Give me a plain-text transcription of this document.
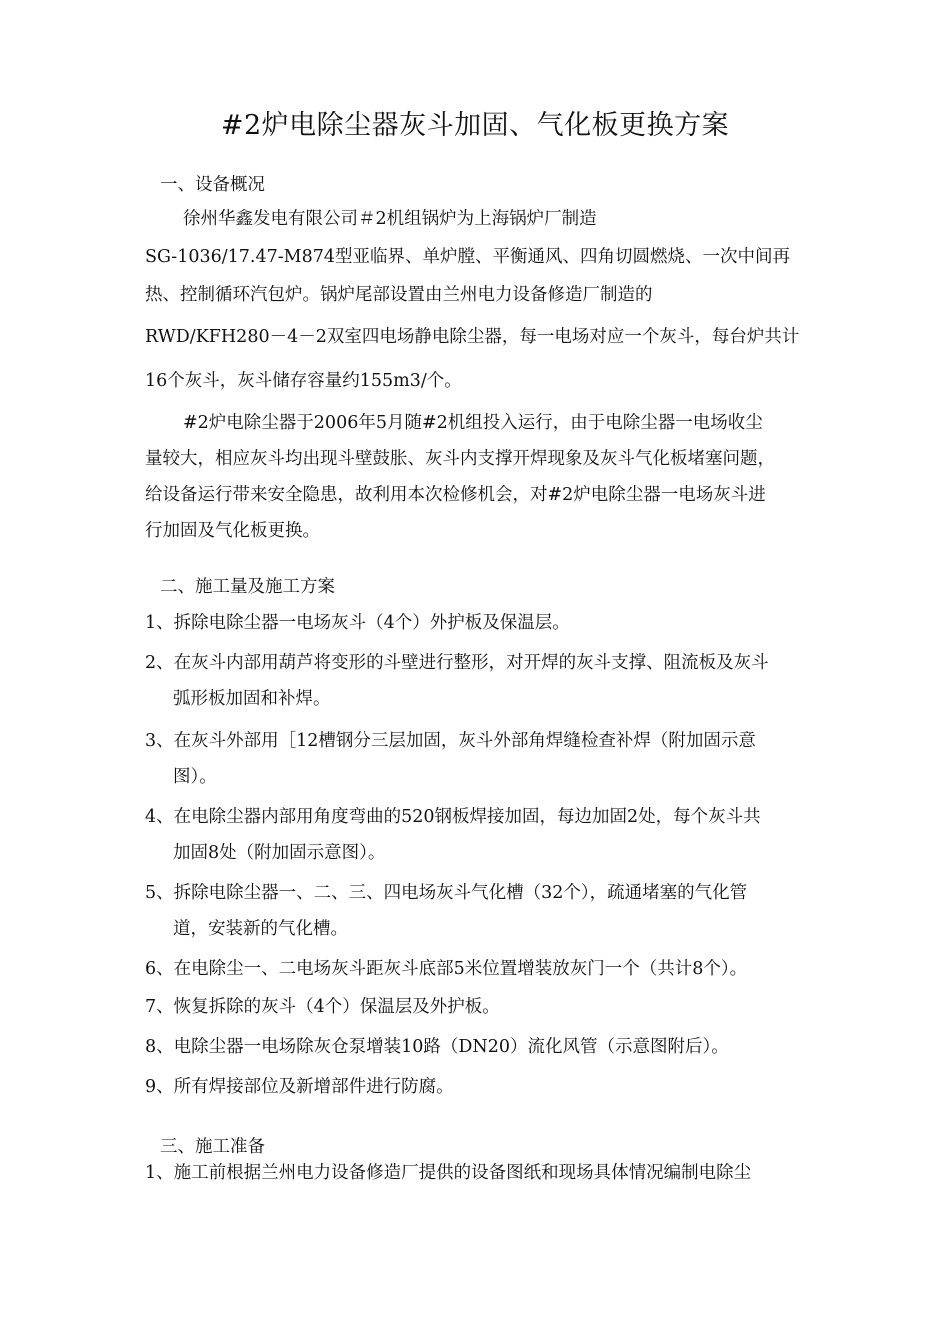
#2炉电除尘器灰斗加固、气化板更换方案
一、设备概况
徐州华鑫发电有限公司＃2机组锅炉为上海锅炉厂制造
SG-1036/17.47-M874型亚临界、单炉膛、平衡通风、四角切圆燃烧、一次中间再
热、控制循环汽包炉。锅炉尾部设置由兰州电力设备修造厂制造的
RWD/KFH280－4－2双室四电场静电除尘器，每一电场对应一个灰斗，每台炉共计
16个灰斗，灰斗储存容量约155m3/个。
#2炉电除尘器于2006年5月随#2机组投入运行，由于电除尘器一电场收尘
量较大，相应灰斗均出现斗壁鼓胀、灰斗内支撑开焊现象及灰斗气化板堵塞问题，
给设备运行带来安全隐患，故利用本次检修机会，对#2炉电除尘器一电场灰斗进
行加固及气化板更换。
二、施工量及施工方案
1、拆除电除尘器一电场灰斗（4个）外护板及保温层。
2、在灰斗内部用葫芦将变形的斗壁进行整形，对开焊的灰斗支撑、阻流板及灰斗
弧形板加固和补焊。
3、在灰斗外部用［12槽钢分三层加固，灰斗外部角焊缝检查补焊（附加固示意
图）。
4、在电除尘器内部用角度弯曲的520钢板焊接加固，每边加固2处，每个灰斗共
加固8处（附加固示意图）。
5、拆除电除尘器一、二、三、四电场灰斗气化槽（32个），疏通堵塞的气化管
道，安装新的气化槽。
6、在电除尘一、二电场灰斗距灰斗底部5米位置增装放灰门一个（共计8个）。
7、恢复拆除的灰斗（4个）保温层及外护板。
8、电除尘器一电场除灰仓泵增装10路（DN20）流化风管（示意图附后）。
9、所有焊接部位及新增部件进行防腐。
三、施工准备
1、施工前根据兰州电力设备修造厂提供的设备图纸和现场具体情况编制电除尘
